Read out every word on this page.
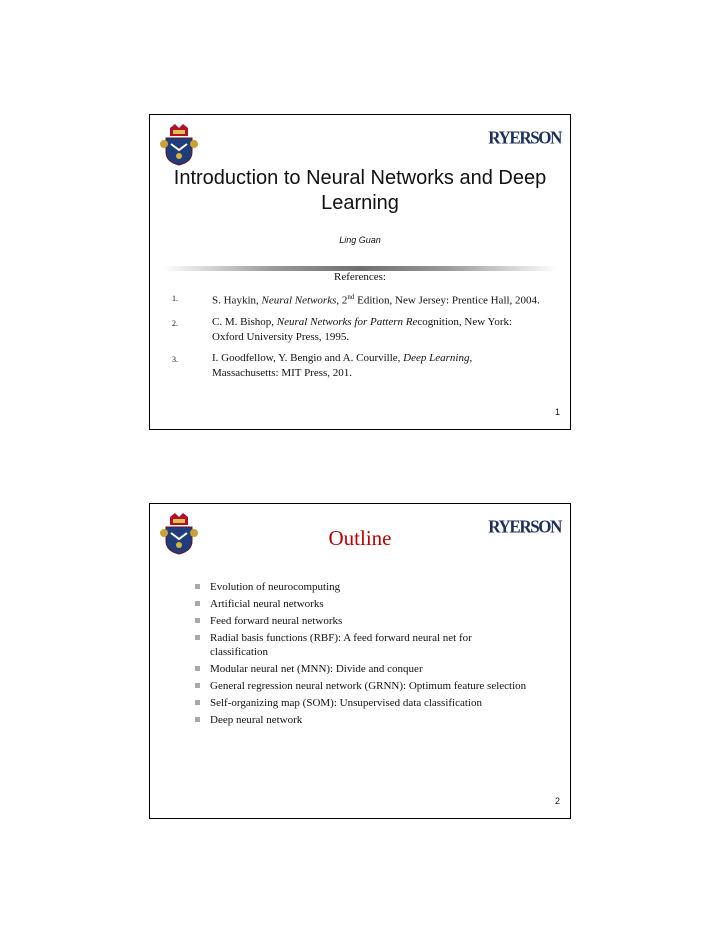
RYERSON
Introduction to Neural Networks and Deep Learning
Ling Guan
References:
1.	S. Haykin, Neural Networks, 2nd Edition, New Jersey: Prentice Hall, 2004.
2.	C. M. Bishop, Neural Networks for Pattern Recognition, New York: Oxford University Press, 1995.
3.	I. Goodfellow, Y. Bengio and A. Courville, Deep Learning, Massachusetts: MIT Press, 201.
1
RYERSON
Outline
Evolution of neurocomputing
Artificial neural networks
Feed forward neural networks
Radial basis functions (RBF): A feed forward neural net for classification
Modular neural net (MNN): Divide and conquer
General regression neural network (GRNN): Optimum feature selection
Self-organizing map (SOM): Unsupervised data classification
Deep neural network
2
